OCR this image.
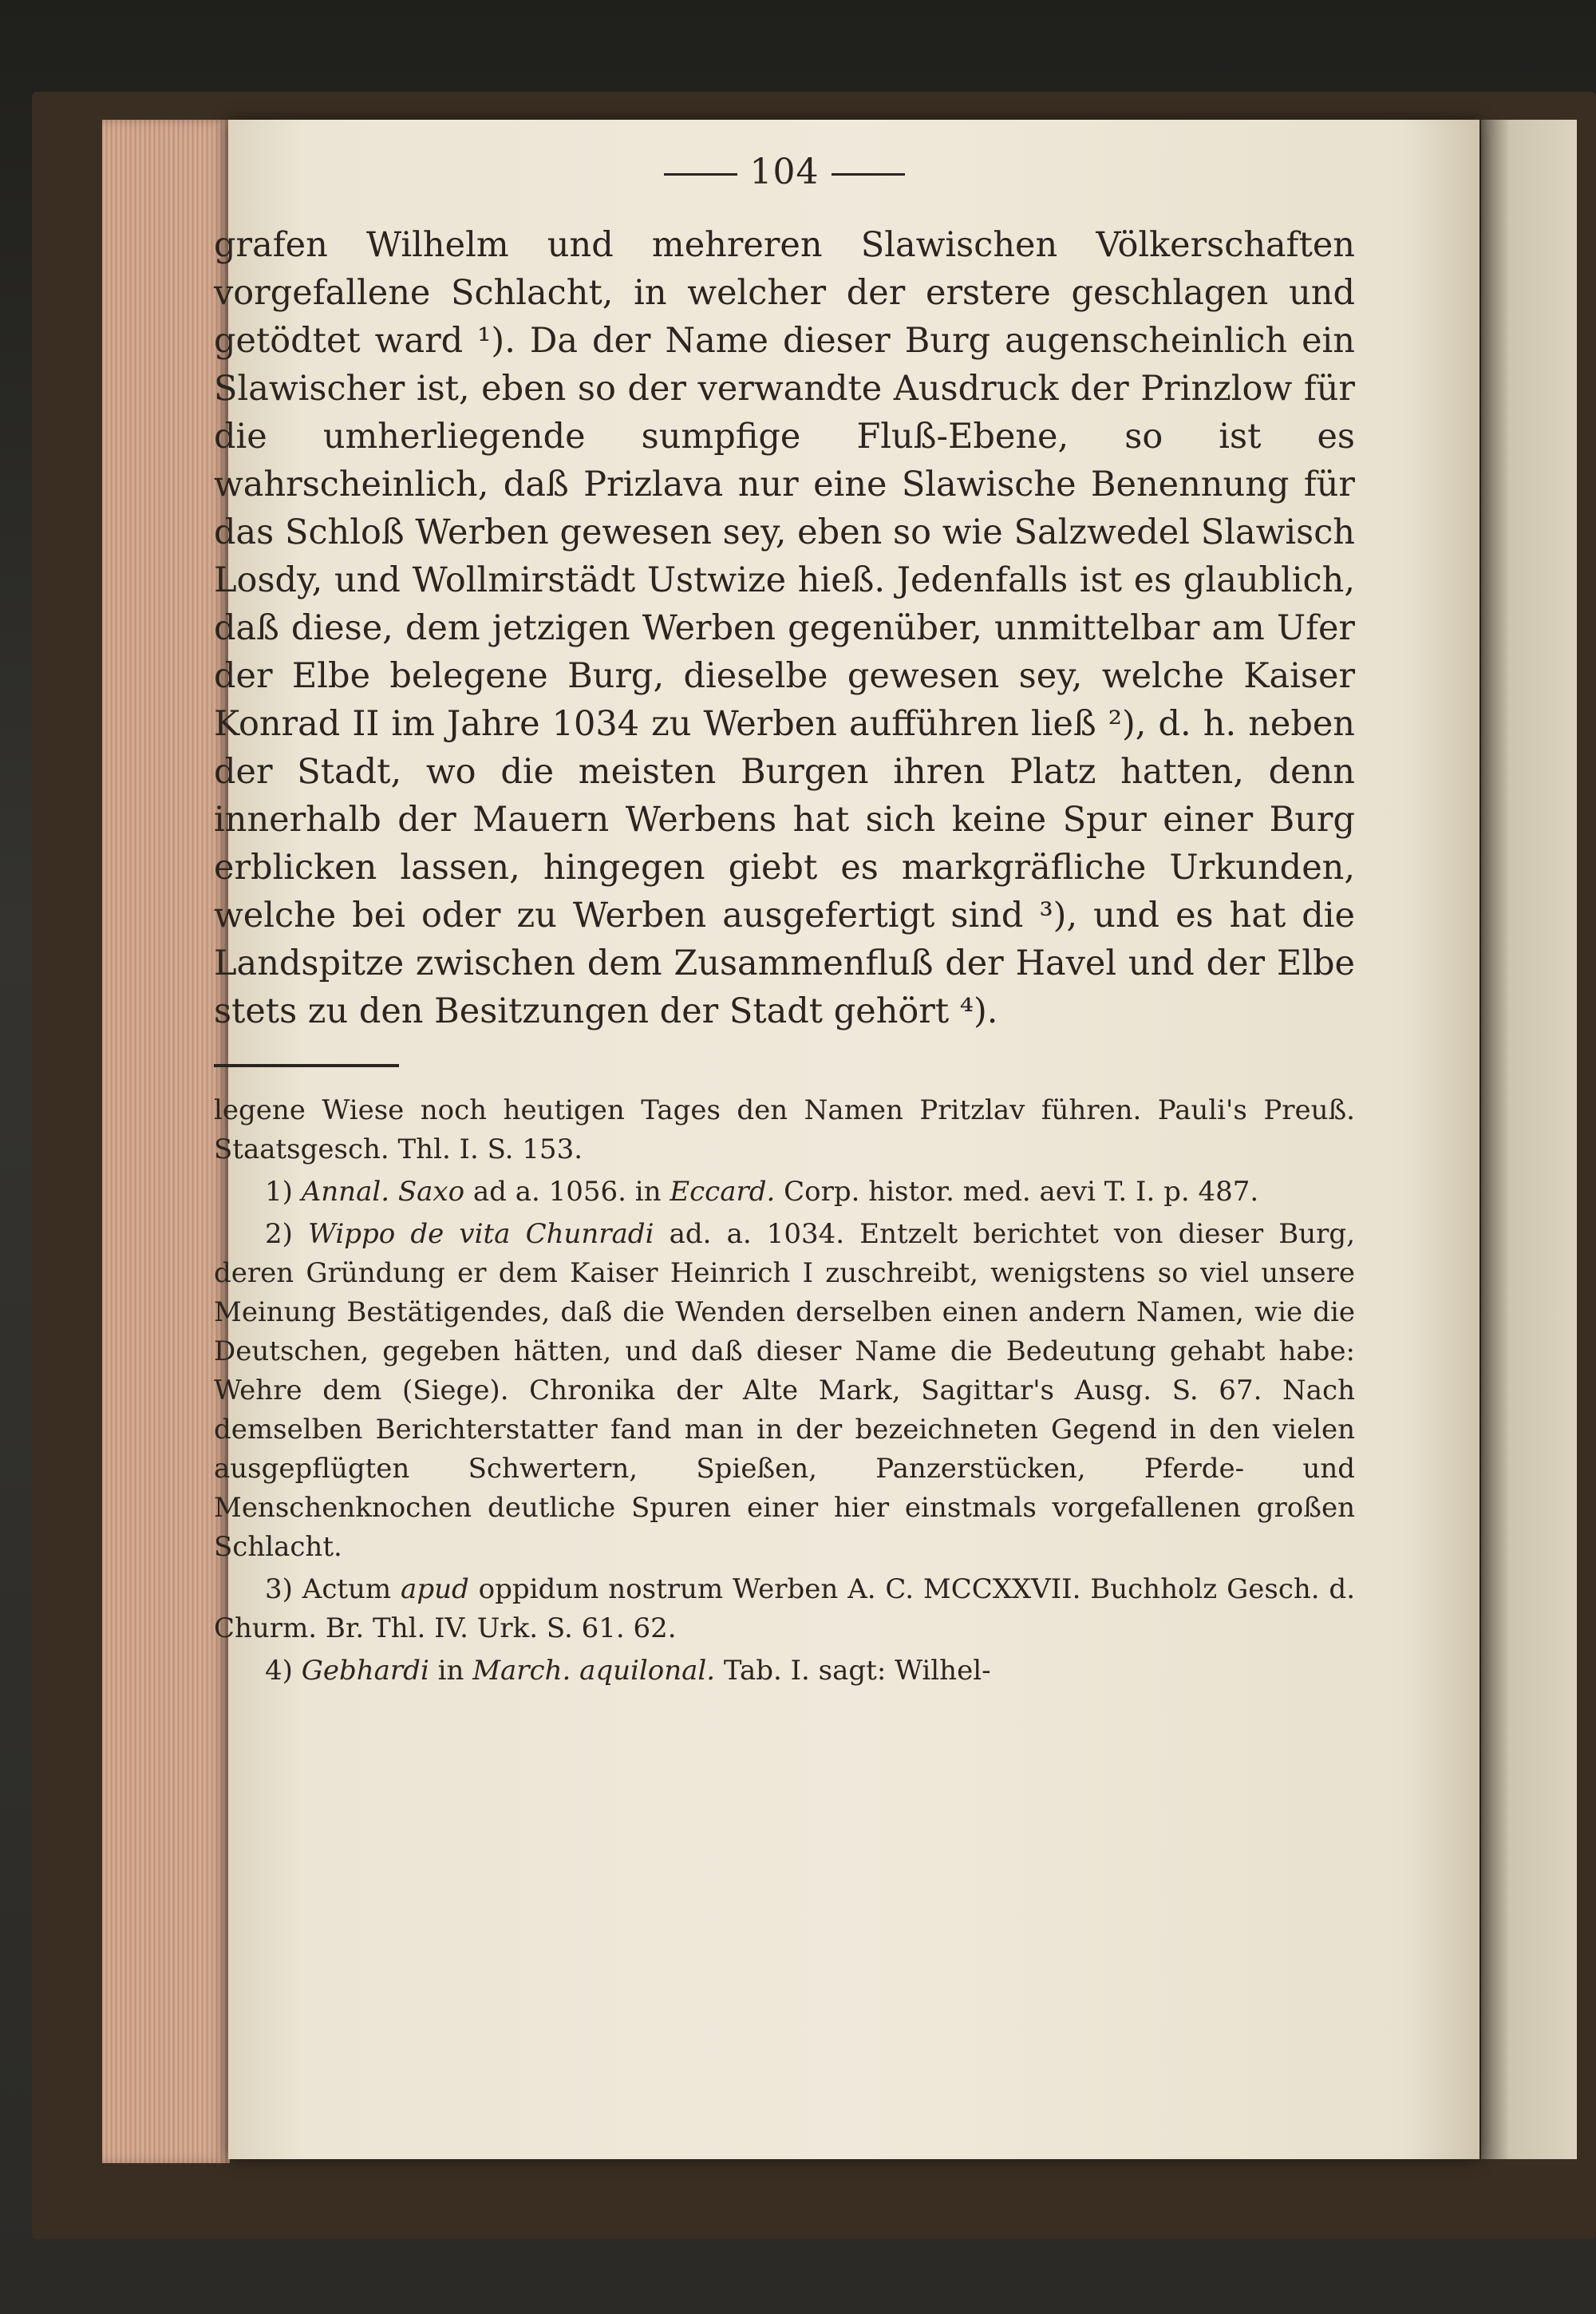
104

grafen Wilhelm und mehreren Slawischen Völkerschaften vorgefallene Schlacht, in welcher der erstere geschlagen und getödtet ward ¹). Da der Name dieser Burg augenscheinlich ein Slawischer ist, eben so der verwandte Ausdruck der Prinzlow für die umherliegende sumpfige Fluß-Ebene, so ist es wahrscheinlich, daß Prizlava nur eine Slawische Benennung für das Schloß Werben gewesen sey, eben so wie Salzwedel Slawisch Losdy, und Wollmirstädt Ustwize hieß. Jedenfalls ist es glaublich, daß diese, dem jetzigen Werben gegenüber, unmittelbar am Ufer der Elbe belegene Burg, dieselbe gewesen sey, welche Kaiser Konrad II im Jahre 1034 zu Werben aufführen ließ ²), d. h. neben der Stadt, wo die meisten Burgen ihren Platz hatten, denn innerhalb der Mauern Werbens hat sich keine Spur einer Burg erblicken lassen, hingegen giebt es markgräfliche Urkunden, welche bei oder zu Werben ausgefertigt sind ³), und es hat die Landspitze zwischen dem Zusammenfluß der Havel und der Elbe stets zu den Besitzungen der Stadt gehört ⁴).

legene Wiese noch heutigen Tages den Namen Pritzlav führen. Pauli's Preuß. Staatsgesch. Thl. I. S. 153.

1) Annal. Saxo ad a. 1056. in Eccard. Corp. histor. med. aevi T. I. p. 487.

2) Wippo de vita Chunradi ad. a. 1034. Entzelt berichtet von dieser Burg, deren Gründung er dem Kaiser Heinrich I zuschreibt, wenigstens so viel unsere Meinung Bestätigendes, daß die Wenden derselben einen andern Namen, wie die Deutschen, gegeben hätten, und daß dieser Name die Bedeutung gehabt habe: Wehre dem (Siege). Chronika der Alte Mark, Sagittar's Ausg. S. 67. Nach demselben Berichterstatter fand man in der bezeichneten Gegend in den vielen ausgepflügten Schwertern, Spießen, Panzerstücken, Pferde- und Menschenknochen deutliche Spuren einer hier einstmals vorgefallenen großen Schlacht.

3) Actum apud oppidum nostrum Werben A. C. MCCXXVII. Buchholz Gesch. d. Churm. Br. Thl. IV. Urk. S. 61. 62.

4) Gebhardi in March. aquilonal. Tab. I. sagt: Wilhel-
